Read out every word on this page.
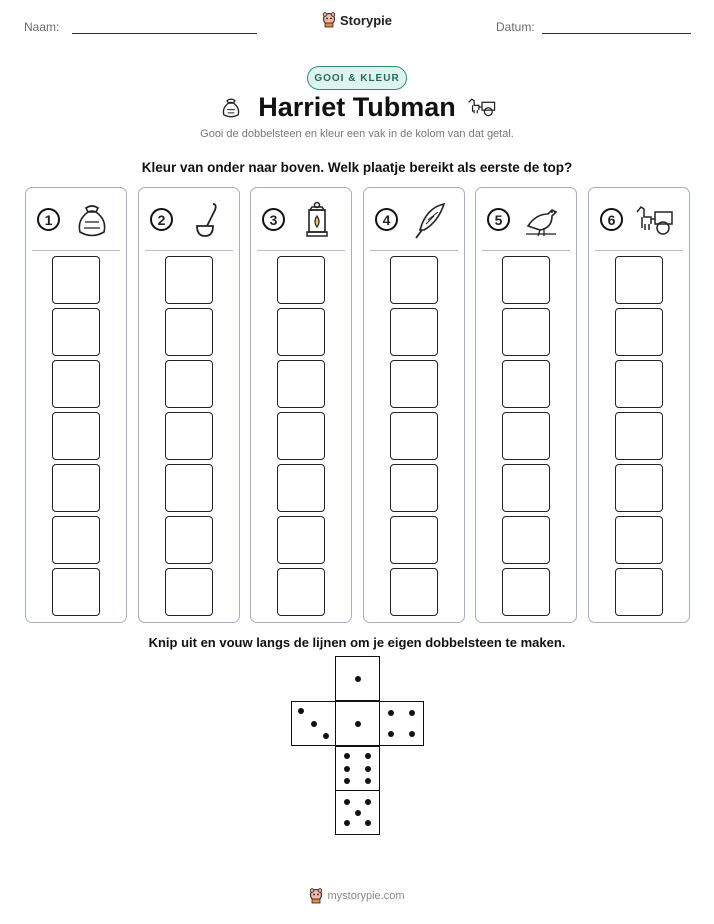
Naam:	Storypie	Datum:
GOOI & KLEUR
Harriet Tubman
Gooi de dobbelsteen en kleur een vak in de kolom van dat getal.
Kleur van onder naar boven. Welk plaatje bereikt als eerste de top?
1	2	3	4	5	6
Knip uit en vouw langs de lijnen om je eigen dobbelsteen te maken.
mystorypie.com
